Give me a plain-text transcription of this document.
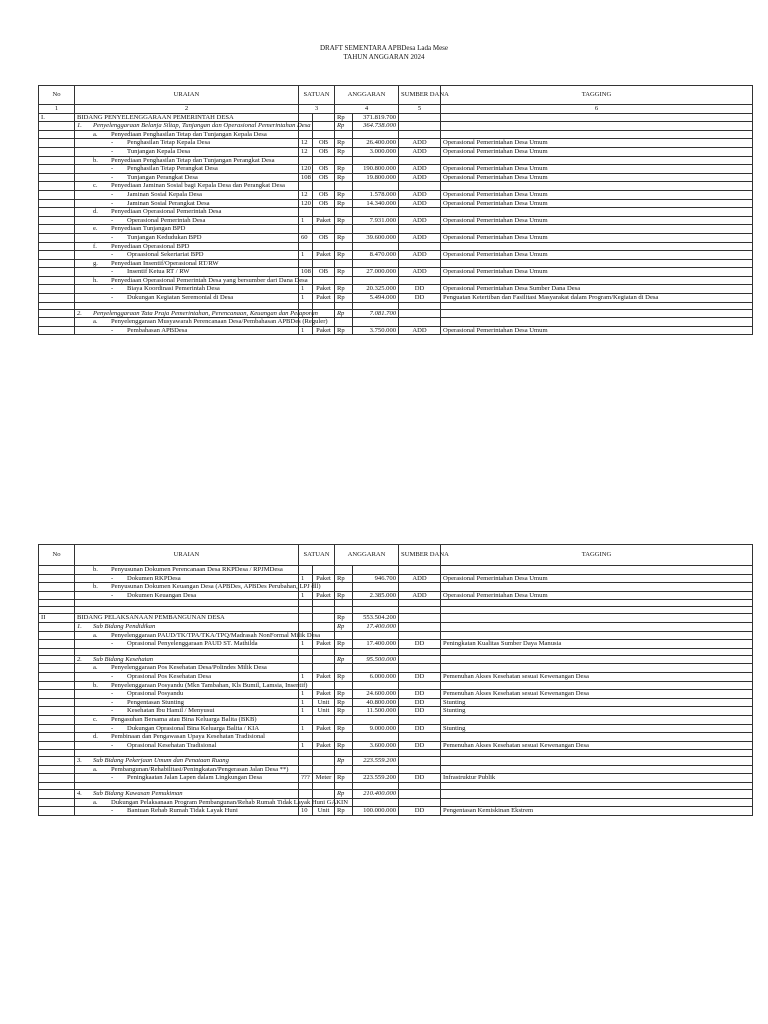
DRAFT SEMENTARA APBDesa Lada Mese
TAHUN ANGGARAN 2024
No	URAIAN	SATUAN		ANGGARAN		SUMBER DANA	TAGGING
1	2	3		4		5	6
I.	BIDANG PENYELENGGARAAN PEMERINTAH DESA			Rp	371.819.700		
	1. Penyelenggaraan Belanja Siltap, Tunjangan dan Operasional Pemerintahan Desa			Rp	364.738.000		
	a. Penyediaan Penghasilan Tetap dan Tunjangan Kepala Desa						
	- Penghasilan Tetap Kepala Desa	12	OB	Rp	26.400.000	ADD	Operasional Pemerintahan Desa Umum
	- Tunjangan Kepala Desa	12	OB	Rp	3.000.000	ADD	Operasional Pemerintahan Desa Umum
	b. Penyediaan Penghasilan Tetap dan Tunjangan Perangkat Desa						
	- Penghasilan Tetap Perangkat Desa	120	OB	Rp	190.800.000	ADD	Operasional Pemerintahan Desa Umum
	- Tunjangan Perangkat Desa	108	OB	Rp	19.800.000	ADD	Operasional Pemerintahan Desa Umum
	c. Penyediaan Jaminan Sosial bagi Kepala Desa dan Perangkat Desa						
	- Jaminan Sosial Kepala Desa	12	OB	Rp	1.578.000	ADD	Operasional Pemerintahan Desa Umum
	- Jaminan Sosial Perangkat Desa	120	OB	Rp	14.340.000	ADD	Operasional Pemerintahan Desa Umum
	d. Penyediaan Operasional Pemerintah Desa						
	- Operasional Pemerintah Desa	1	Paket	Rp	7.931.000	ADD	Operasional Pemerintahan Desa Umum
	e. Penyediaan Tunjangan BPD						
	- Tunjangan Kedudukan BPD	60	OB	Rp	39.600.000	ADD	Operasional Pemerintahan Desa Umum
	f. Penyediaan Operasional BPD						
	- Opraasional Sekertariat BPD	1	Paket	Rp	8.470.000	ADD	Operasional Pemerintahan Desa Umum
	g. Penyediaan Insentif/Operasional RT/RW						
	- Insentif Ketua RT / RW	108	OB	Rp	27.000.000	ADD	Operasional Pemerintahan Desa Umum
	h. Penyediaan Operasional Pemerintah Desa yang bersumber dari Dana Desa						
	- Biaya Koordinasi Pemerintah Desa	1	Paket	Rp	20.325.000	DD	Operasional Pemerintahan Desa Sumber Dana Desa
	- Dukungan Kegiatan Seremonial di Desa	1	Paket	Rp	5.494.000	DD	Penguatan Ketertiban dan Fasilitasi Masyarakat dalam Program/Kegiatan di Desa

	2. Penyelenggaraan Tata Praja Pemerintahan, Perencanaan, Keuangan dan Pelaporan			Rp	7.081.700		
	a. Penyelenggaraan Musyawarah Perencanaan Desa/Pembahasan APBDes (Reguler)						
	- Pembahasan APBDesa	1	Paket	Rp	3.750.000	ADD	Operasional Pemerintahan Desa Umum
No	URAIAN	SATUAN		ANGGARAN		SUMBER DANA	TAGGING
	b. Penyusunan Dokumen Perencanaan Desa RKPDesa / RPJMDesa						
	- Dokumen RKPDesa	1	Paket	Rp	946.700	ADD	Operasional Pemerintahan Desa Umum
	b. Penyusunan Dokumen Keuangan Desa (APBDes, APBDes Perubahan, LPJ dll)						
	- Dokumen Keuangan Desa	1	Paket	Rp	2.385.000	ADD	Operasional Pemerintahan Desa Umum

II	BIDANG PELAKSANAAN PEMBANGUNAN DESA			Rp	553.504.200		
	1. Sub Bidang Pendidikan			Rp	17.400.000		
	a. Penyelenggaraan PAUD/TK/TPA/TKA/TPQ/Madrasah NonFormal Milik Desa						
	- Oprasional Penyelenggaraan PAUD ST. Mathilda	1	Paket	Rp	17.400.000	DD	Peningkatan Kualitas Sumber Daya Manusia

	2. Sub Bidang Kesehatan			Rp	95.500.000		
	a. Penyelenggaraan Pos Kesehatan Desa/Polindes Milik Desa						
	- Oprasional Pos Kesehatan Desa	1	Paket	Rp	6.000.000	DD	Pemenuhan Akses Kesehatan sesuai Kewenangan Desa
	b. Penyelenggaraan Posyandu (Mkn Tambahan, Kls Bumil, Lamsia, Insentif)						
	- Oprasional Posyandu	1	Paket	Rp	24.600.000	DD	Pemenuhan Akses Kesehatan sesuai Kewenangan Desa
	- Pengentasan Stunting	1	Unit	Rp	40.800.000	DD	Stunting
	- Kesehatan Ibu Hamil / Menyusui	1	Unit	Rp	11.500.000	DD	Stunting
	c. Pengasuhan Bersama atau Bina Keluarga Balita (BKB)						
	- Dukungan Oprasional Bina Keluarga Balita / KIA	1	Paket	Rp	9.000.000	DD	Stunting
	d. Pembinaan dan Pengawasan Upaya Kesehatan Tradisional						
	- Oprasional Kesehatan Tradisional	1	Paket	Rp	3.600.000	DD	Pemenuhan Akses Kesehatan sesuai Kewenangan Desa

	3. Sub Bidang Pekerjaan Umum dan Penataan Ruang			Rp	223.559.200		
	a. Pembangunan/Rehabilitasi/Peningkatan/Pengerasan Jalan Desa **)						
	- Peningkaatan Jalan Lapen dalam Lingkungan Desa	???	Meter	Rp	223.559.200	DD	Infrastruktur Publik

	4. Sub Bidang Kawasan Pemukiman			Rp	210.400.000		
	a. Dukungan Pelaksanaan Program Pembangunan/Rehab Rumah Tidak Layak Huni GAKIN						
	- Bantuan Rehab Rumah Tidak Layak Huni	10	Unit	Rp	100.000.000	DD	Pengentasan Kemiskinan Ekstrem
